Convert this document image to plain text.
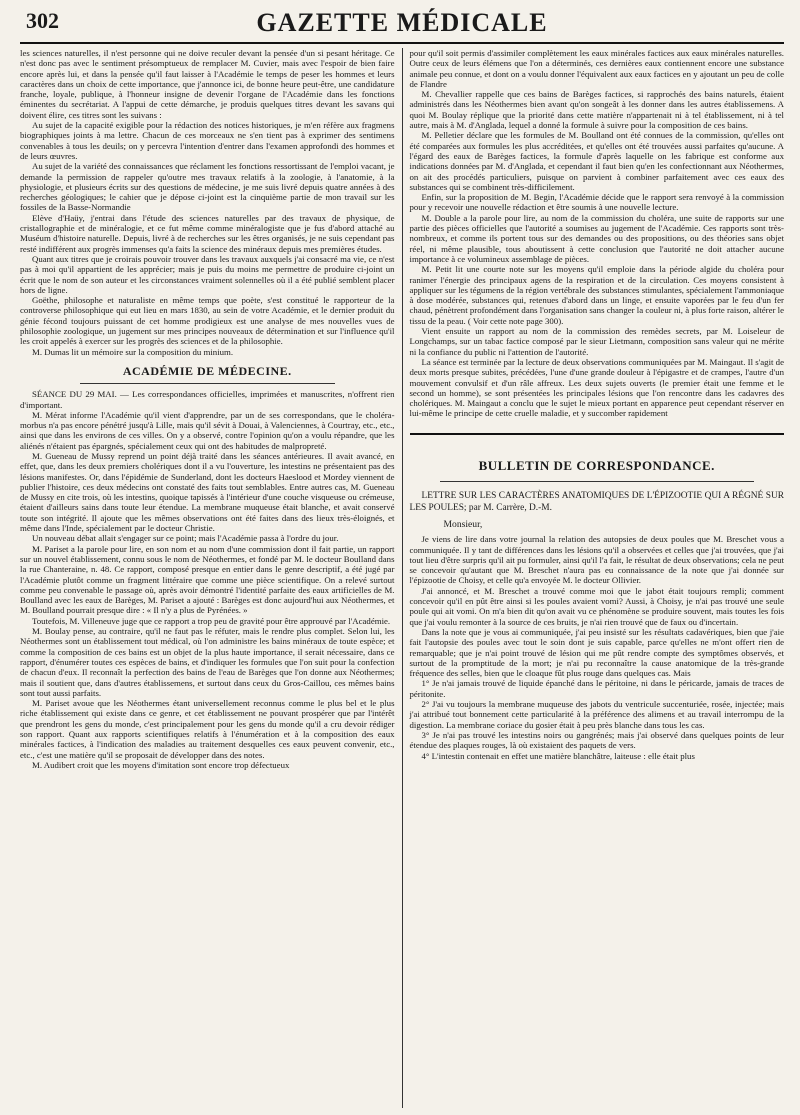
302	GAZETTE MÉDICALE

les sciences naturelles, il n'est personne qui ne doive reculer devant la pensée d'un si pesant héritage. Ce n'est donc pas avec le sentiment présomptueux de remplacer M. Cuvier, mais avec l'espoir de bien faire encore après lui, et dans la pensée qu'il faut laisser à l'Académie le temps de peser les hommes et leurs caractères dans un choix de cette importance, que j'annonce ici, de bonne heure peut-être, une candidature franche, loyale, publique, à l'honneur insigne de devenir l'organe de l'Académie dans les fonctions éminentes du secrétariat. A l'appui de cette démarche, je produis quelques titres devant les savans qui doivent élire, ces titres sont les suivans :

Au sujet de la capacité exigible pour la rédaction des notices historiques, je m'en réfère aux fragmens biographiques joints à ma lettre. Chacun de ces morceaux ne s'en tient pas à exprimer des sentimens convenables à tous les deuils; on y percevra l'intention d'entrer dans l'examen approfondi des hommes et de leurs œuvres.

Au sujet de la variété des connaissances que réclament les fonctions ressortissant de l'emploi vacant, je demande la permission de rappeler qu'outre mes travaux relatifs à la zoologie, à l'anatomie, à la physiologie, et plusieurs écrits sur des questions de médecine, je me suis livré depuis quatre années à des recherches géologiques; le cahier que je dépose ci-joint est la cinquième partie de mon travail sur les fossiles de la Basse-Normandie

Elève d'Haüy, j'entrai dans l'étude des sciences naturelles par des travaux de physique, de cristallographie et de minéralogie, et ce fut même comme minéralogiste que je fus d'abord attaché au Muséum d'histoire naturelle. Depuis, livré à de recherches sur les êtres organisés, je ne suis cependant pas resté indifférent aux progrès immenses qu'a faits la science des minéraux depuis mes premières études.

Quant aux titres que je croirais pouvoir trouver dans les travaux auxquels j'ai consacré ma vie, ce n'est pas à moi qu'il appartient de les apprécier; mais je puis du moins me permettre de produire ci-joint un écrit que le nom de son auteur et les circonstances vraiment solennelles où il a été publié semblent placer hors de ligne.

Goëthe, philosophe et naturaliste en même temps que poète, s'est constitué le rapporteur de la controverse philosophique qui eut lieu en mars 1830, au sein de votre Académie, et le dernier produit du génie fécond toujours puissant de cet homme prodigieux est une analyse de mes nouvelles vues de philosophie zoologique, un jugement sur mes principes nouveaux de détermination et sur l'influence qu'il les croit appelés à exercer sur les progrès des sciences et de la philosophie.

M. Dumas lit un mémoire sur la composition du minium.

ACADÉMIE DE MÉDECINE.

SÉANCE DU 29 MAI. — Les correspondances officielles, imprimées et manuscrites, n'offrent rien d'important.

M. Mérat informe l'Académie qu'il vient d'apprendre, par un de ses correspondans, que le choléra-morbus n'a pas encore pénétré jusqu'à Lille, mais qu'il sévit à Douai, à Valenciennes, à Courtray, etc., etc., ainsi que dans les environs de ces villes. On y a observé, contre l'opinion qu'on a voulu répandre, que les aliénés n'étaient pas épargnés, spécialement ceux qui ont des habitudes de malpropreté.

M. Gueneau de Mussy reprend un point déjà traité dans les séances antérieures. Il avait avancé, en effet, que, dans les deux premiers cholériques dont il a vu l'ouverture, les intestins ne présentaient pas des lésions manifestes. Or, dans l'épidémie de Sunderland, dont les docteurs Haeslood et Mordey viennent de publier l'histoire, ces deux médecins ont constaté des faits tout semblables. Entre autres cas, M. Gueneau de Mussy en cite trois, où les intestins, quoique tapissés à l'intérieur d'une couche visqueuse ou crémeuse, étaient d'ailleurs sains dans toute leur étendue. La membrane muqueuse était blanche, et avait conservé toute son intégrité. Il ajoute que les mêmes observations ont été faites dans des lieux très-éloignés, et même dans l'Inde, spécialement par le docteur Christie.

Un nouveau débat allait s'engager sur ce point; mais l'Académie passa à l'ordre du jour.

M. Pariset a la parole pour lire, en son nom et au nom d'une commission dont il fait partie, un rapport sur un nouvel établissement, connu sous le nom de Néothermes, et fondé par M. le docteur Boulland dans la rue Chanteraine, n. 48. Ce rapport, composé presque en entier dans le genre descriptif, a été jugé par l'Académie plutôt comme un fragment littéraire que comme une pièce scientifique. On a relevé surtout comme peu convenable le passage où, après avoir démontré l'identité parfaite des eaux artificielles de M. Boulland avec les eaux de Barèges, M. Pariset a ajouté : Barèges est donc aujourd'hui aux Néothermes, et M. Boulland pourrait presque dire : « Il n'y a plus de Pyrénées. »

Toutefois, M. Villeneuve juge que ce rapport a trop peu de gravité pour être approuvé par l'Académie.

M. Boulay pense, au contraire, qu'il ne faut pas le réfuter, mais le rendre plus complet. Selon lui, les Néothermes sont un établissement tout médical, où l'on administre les bains minéraux de toute espèce; et comme la composition de ces bains est un objet de la plus haute importance, il serait nécessaire, dans ce rapport, d'énumérer toutes ces espèces de bains, et d'indiquer les formules que l'on suit pour la confection de chacun d'eux. Il reconnaît la perfection des bains de l'eau de Barèges que l'on donne aux Néothermes; mais il soutient que, dans d'autres établissemens, et surtout dans ceux du Gros-Caillou, ces mêmes bains sont tout aussi parfaits.

M. Pariset avoue que les Néothermes étant universellement reconnus comme le plus bel et le plus riche établissement qui existe dans ce genre, et cet établissement ne pouvant prospérer que par l'intérêt que prendront les gens du monde, c'est principalement pour les gens du monde qu'il a cru devoir rédiger son rapport. Quant aux rapports scientifiques relatifs à l'énumération et à la composition des eaux minérales factices, à l'indication des maladies au traitement desquelles ces eaux peuvent convenir, etc., etc., c'est une matière qu'il se proposait de développer dans des notes.

M. Audibert croit que les moyens d'imitation sont encore trop défectueux

pour qu'il soit permis d'assimiler complètement les eaux minérales factices aux eaux minérales naturelles. Outre ceux de leurs élémens que l'on a déterminés, ces dernières eaux contiennent encore une substance animale peu connue, et dont on a voulu donner l'équivalent aux eaux factices en y ajoutant un peu de colle de Flandre

M. Chevallier rappelle que ces bains de Barèges factices, si rapprochés des bains naturels, étaient administrés dans les Néothermes bien avant qu'on songeât à les donner dans les autres établissemens. A quoi M. Boulay réplique que la priorité dans cette matière n'appartenait ni à tel établissement, ni à tel autre, mais à M. d'Anglada, lequel a donné la formule à suivre pour la composition de ces bains.

M. Pelletier déclare que les formules de M. Boulland ont été connues de la commission, qu'elles ont été comparées aux formules les plus accréditées, et qu'elles ont été trouvées aussi parfaites qu'aucune. A l'égard des eaux de Barèges factices, la formule d'après laquelle on les fabrique est conforme aux indications données par M. d'Anglada, et cependant il faut bien qu'en les confectionnant aux Néothermes, on ait des procédés particuliers, puisque on parvient à combiner parfaitement avec ces eaux des substances qui se combinent très-difficilement.

Enfin, sur la proposition de M. Begin, l'Académie décide que le rapport sera renvoyé à la commission pour y recevoir une nouvelle rédaction et être soumis à une nouvelle lecture.

M. Double a la parole pour lire, au nom de la commission du choléra, une suite de rapports sur une partie des pièces officielles que l'autorité a soumises au jugement de l'Académie. Ces rapports sont très-nombreux, et comme ils portent tous sur des demandes ou des propositions, ou des théories sans objet réel, ni même plausible, tous aboutissent à cette conclusion que l'autorité ne doit attacher aucune importance à ce volumineux assemblage de pièces.

M. Petit lit une courte note sur les moyens qu'il emploie dans la période algide du choléra pour ranimer l'énergie des principaux agens de la respiration et de la circulation. Ces moyens consistent à appliquer sur les tégumens de la région vertébrale des substances stimulantes, spécialement l'ammoniaque à dose modérée, substances qui, retenues d'abord dans un linge, et ensuite vaporées par le feu d'un fer chaud, pénètrent profondément dans l'organisation sans changer la couleur ni, à plus forte raison, altérer le tissu de la peau. ( Voir cette note page 300).

Vient ensuite un rapport au nom de la commission des remèdes secrets, par M. Loiseleur de Longchamps, sur un tabac factice composé par le sieur Lietmann, composition sans valeur qui ne mérite ni la confiance du public ni l'attention de l'autorité.

La séance est terminée par la lecture de deux observations communiquées par M. Maingaut. Il s'agit de deux morts presque subites, précédées, l'une d'une grande douleur à l'épigastre et de crampes, l'autre d'un mouvement convulsif et d'un râle affreux. Les deux sujets ouverts (le premier était une femme et le second un homme), se sont présentées les principales lésions que l'on rencontre dans les cadavres des cholériques. M. Maingaut a conclu que le sujet le mieux portant en apparence peut cependant réserver en lui-même le principe de cette cruelle maladie, et y succomber rapidement

BULLETIN DE CORRESPONDANCE.

LETTRE SUR LES CARACTÈRES ANATOMIQUES DE L'ÉPIZOOTIE QUI A RÉGNÉ SUR LES POULES; par M. Carrère, D.-M.

Monsieur,

Je viens de lire dans votre journal la relation des autopsies de deux poules que M. Breschet vous a communiquée. Il y tant de différences dans les lésions qu'il a observées et celles que j'ai trouvées, que j'ai tout lieu d'être surpris qu'il ait pu formuler, ainsi qu'il l'a fait, le résultat de deux observations; cela ne peut se concevoir qu'autant que M. Breschet n'aura pas eu connaissance de la note que j'ai donnée sur l'épizootie de Choisy, et celle qu'a envoyée M. le docteur Ollivier.

J'ai annoncé, et M. Breschet a trouvé comme moi que le jabot était toujours rempli; comment concevoir qu'il en pût être ainsi si les poules avaient vomi? Aussi, à Choisy, je n'ai pas trouvé une seule poule qui ait vomi. On m'a bien dit qu'on avait vu ce phénomène se produire souvent, mais toutes les fois que j'ai voulu remonter à la source de ces bruits, je n'ai rien trouvé que de faux ou d'incertain.

Dans la note que je vous ai communiquée, j'ai peu insisté sur les résultats cadavériques, bien que j'aie fait l'autopsie des poules avec tout le soin dont je suis capable, parce qu'elles ne m'ont offert rien de remarquable; que je n'ai point trouvé de lésion qui me pût rendre compte des symptômes observés, et surtout de la promptitude de la mort; je n'ai pu reconnaître la cause anatomique de la très-grande fréquence des selles, bien que le cloaque fût plus rouge dans quelques cas. Mais

1° Je n'ai jamais trouvé de liquide épanché dans le péritoine, ni dans le péricarde, jamais de traces de péritonite.

2° J'ai vu toujours la membrane muqueuse des jabots du ventricule succenturiée, rosée, injectée; mais j'ai attribué tout bonnement cette particularité à la préférence des alimens et au travail interrompu de la digestion. La membrane coriace du gosier était à peu près blanche dans tous les cas.

3° Je n'ai pas trouvé les intestins noirs ou gangrénés; mais j'ai observé dans quelques points de leur étendue des plaques rouges, là où existaient des paquets de vers.

4° L'intestin contenait en effet une matière blanchâtre, laiteuse : elle était plus
